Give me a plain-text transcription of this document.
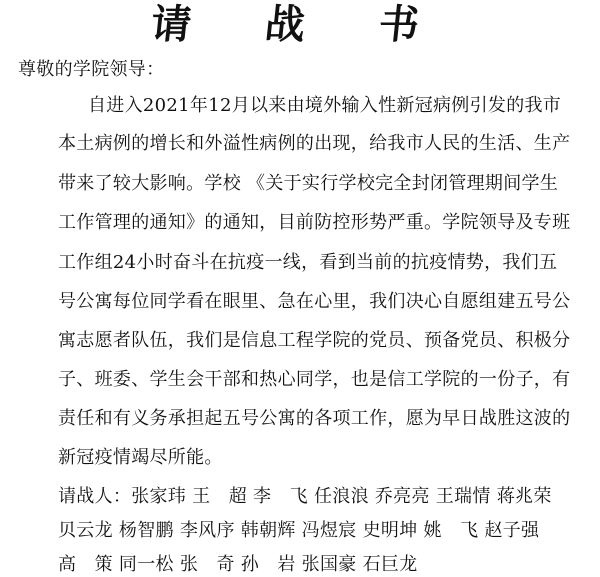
请 战 书
尊敬的学院领导：
自进入2021年12月以来由境外输入性新冠病例引发的我市
本土病例的增长和外溢性病例的出现，给我市人民的生活、生产
带来了较大影响。学校 《关于实行学校完全封闭管理期间学生
工作管理的通知》的通知，目前防控形势严重。学院领导及专班
工作组24小时奋斗在抗疫一线，看到当前的抗疫情势，我们五
号公寓每位同学看在眼里、急在心里，我们决心自愿组建五号公
寓志愿者队伍，我们是信息工程学院的党员、预备党员、积极分
子、班委、学生会干部和热心同学，也是信工学院的一份子，有
责任和有义务承担起五号公寓的各项工作，愿为早日战胜这波的
新冠疫情竭尽所能。
请战人：张家玮 王　超 李　飞 任浪浪 乔亮亮 王瑞情 蒋兆荣
贝云龙 杨智鹏 李风序 韩朝辉 冯煜宸 史明坤 姚　飞 赵子强
高　策 同一松 张　奇 孙　岩 张国豪 石巨龙
